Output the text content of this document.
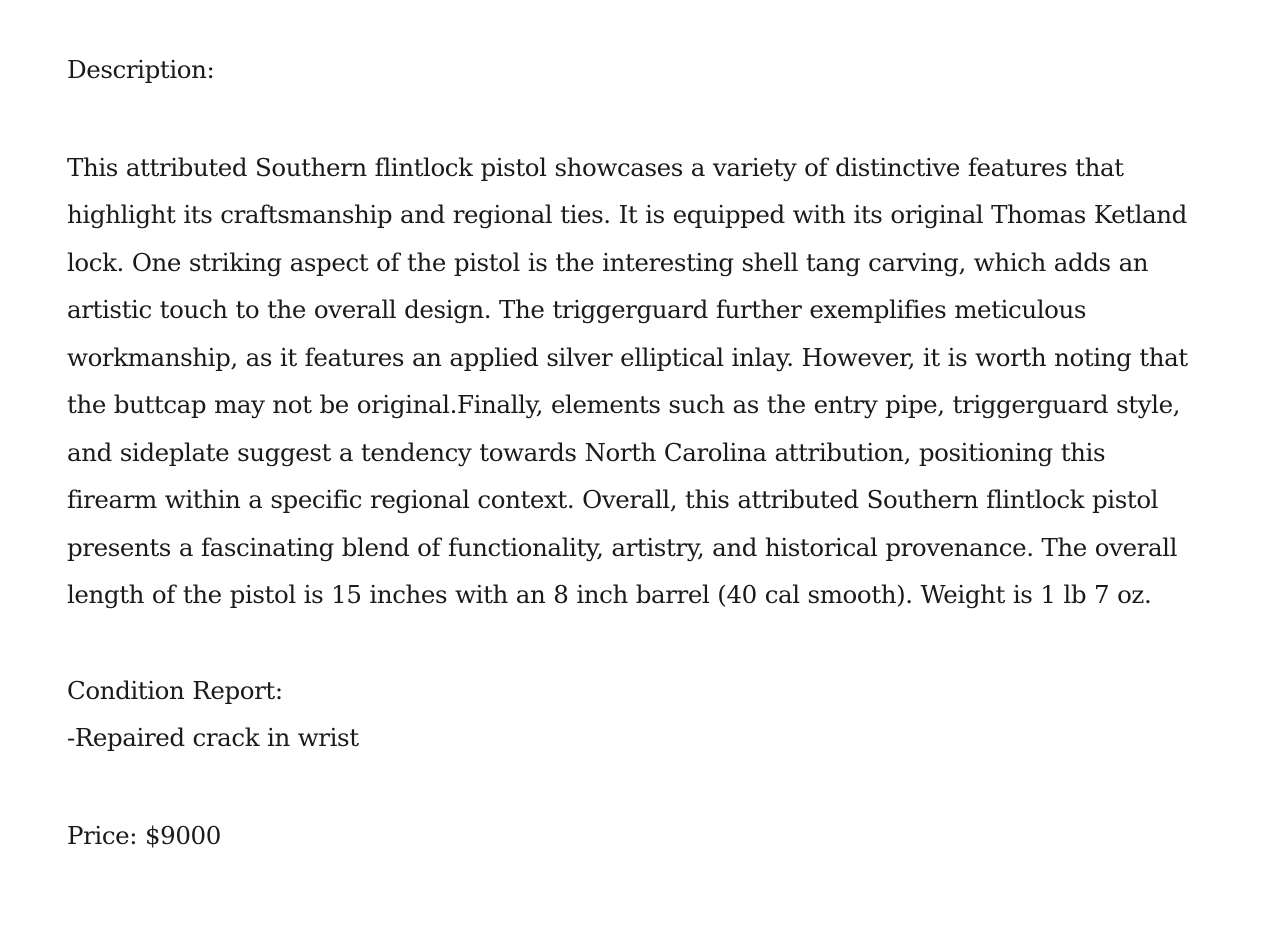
Description:

This attributed Southern flintlock pistol showcases a variety of distinctive features that

highlight its craftsmanship and regional ties. It is equipped with its original Thomas Ketland

lock. One striking aspect of the pistol is the interesting shell tang carving, which adds an

artistic touch to the overall design. The triggerguard further exemplifies meticulous

workmanship, as it features an applied silver elliptical inlay. However, it is worth noting that

the buttcap may not be original.Finally, elements such as the entry pipe, triggerguard style,

and sideplate suggest a tendency towards North Carolina attribution, positioning this

firearm within a specific regional context. Overall, this attributed Southern flintlock pistol

presents a fascinating blend of functionality, artistry, and historical provenance. The overall

length of the pistol is 15 inches with an 8 inch barrel (40 cal smooth). Weight is 1 lb 7 oz.

Condition Report:

-Repaired crack in wrist

Price: $9000
